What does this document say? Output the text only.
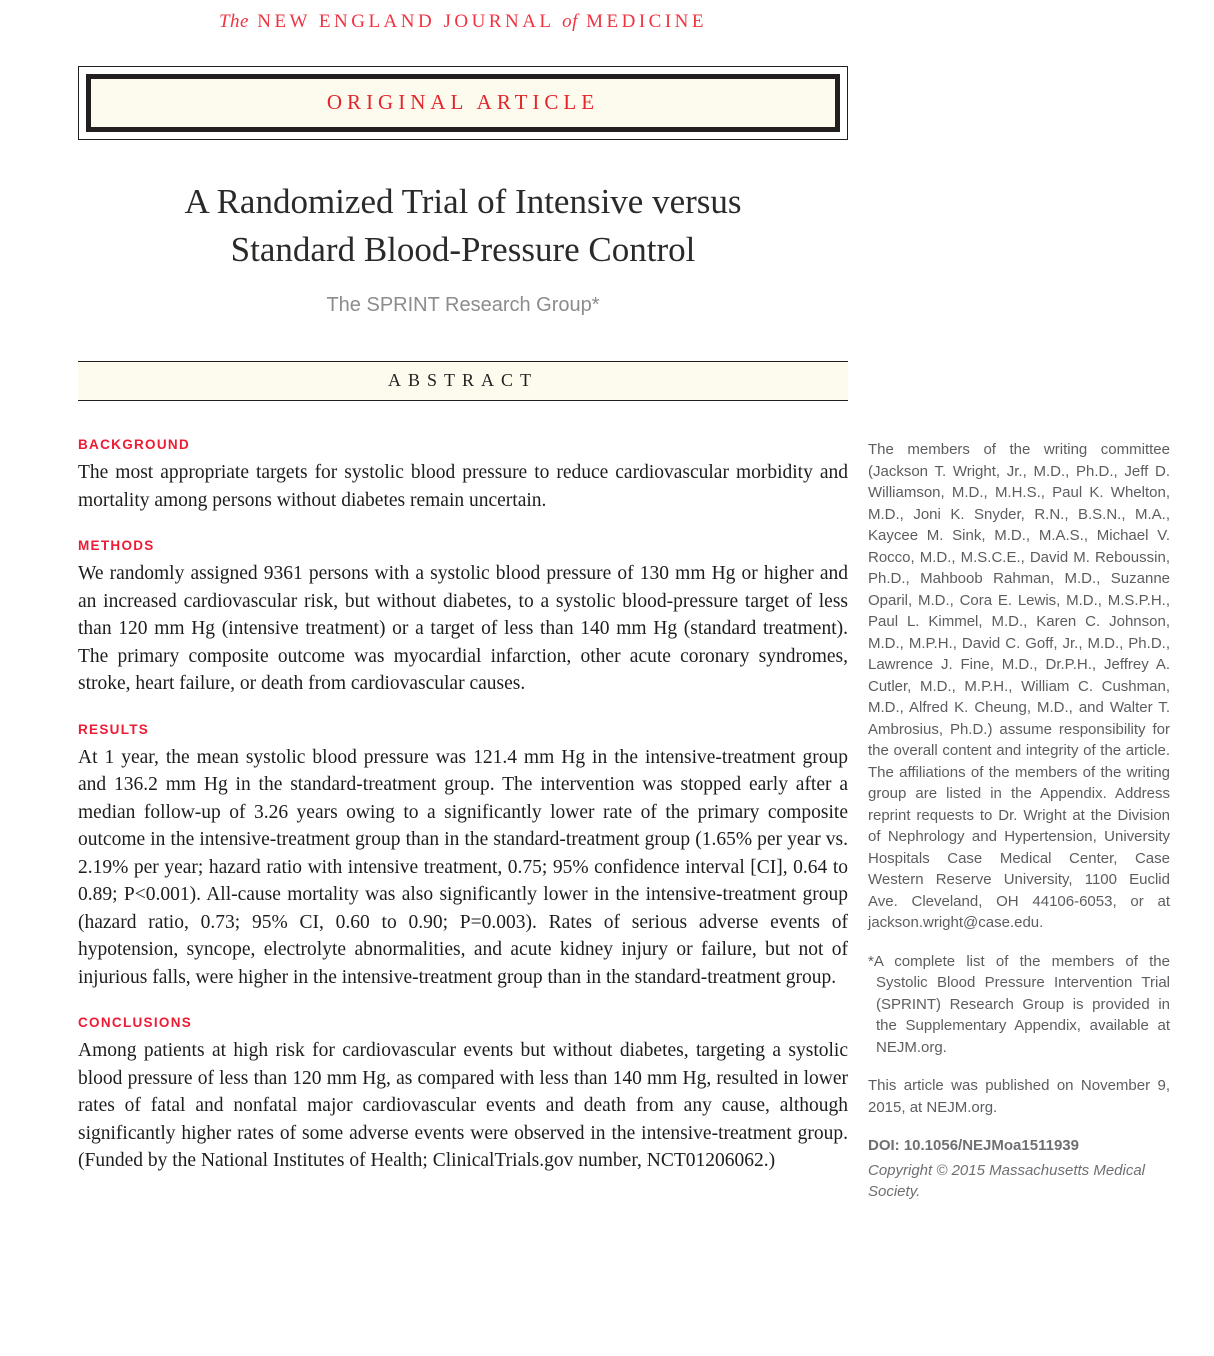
The NEW ENGLAND JOURNAL of MEDICINE
ORIGINAL ARTICLE
A Randomized Trial of Intensive versus
Standard Blood-Pressure Control
The SPRINT Research Group*
ABSTRACT
BACKGROUND

The most appropriate targets for systolic blood pressure to reduce cardiovascular morbidity and mortality among persons without diabetes remain uncertain.

METHODS

We randomly assigned 9361 persons with a systolic blood pressure of 130 mm Hg or higher and an increased cardiovascular risk, but without diabetes, to a systolic blood-pressure target of less than 120 mm Hg (intensive treatment) or a target of less than 140 mm Hg (standard treatment). The primary composite outcome was myocardial infarction, other acute coronary syndromes, stroke, heart failure, or death from cardiovascular causes.

RESULTS

At 1 year, the mean systolic blood pressure was 121.4 mm Hg in the intensive-treatment group and 136.2 mm Hg in the standard-treatment group. The intervention was stopped early after a median follow-up of 3.26 years owing to a significantly lower rate of the primary composite outcome in the intensive-treatment group than in the standard-treatment group (1.65% per year vs. 2.19% per year; hazard ratio with intensive treatment, 0.75; 95% confidence interval [CI], 0.64 to 0.89; P<0.001). All-cause mortality was also significantly lower in the intensive-treatment group (hazard ratio, 0.73; 95% CI, 0.60 to 0.90; P=0.003). Rates of serious adverse events of hypotension, syncope, electrolyte abnormalities, and acute kidney injury or failure, but not of injurious falls, were higher in the intensive-treatment group than in the standard-treatment group.

CONCLUSIONS

Among patients at high risk for cardiovascular events but without diabetes, targeting a systolic blood pressure of less than 120 mm Hg, as compared with less than 140 mm Hg, resulted in lower rates of fatal and nonfatal major cardiovascular events and death from any cause, although significantly higher rates of some adverse events were observed in the intensive-treatment group. (Funded by the National Institutes of Health; ClinicalTrials.gov number, NCT01206062.)

The members of the writing committee (Jackson T. Wright, Jr., M.D., Ph.D., Jeff D. Williamson, M.D., M.H.S., Paul K. Whelton, M.D., Joni K. Snyder, R.N., B.S.N., M.A., Kaycee M. Sink, M.D., M.A.S., Michael V. Rocco, M.D., M.S.C.E., David M. Reboussin, Ph.D., Mahboob Rahman, M.D., Suzanne Oparil, M.D., Cora E. Lewis, M.D., M.S.P.H., Paul L. Kimmel, M.D., Karen C. Johnson, M.D., M.P.H., David C. Goff, Jr., M.D., Ph.D., Lawrence J. Fine, M.D., Dr.P.H., Jeffrey A. Cutler, M.D., M.P.H., William C. Cushman, M.D., Alfred K. Cheung, M.D., and Walter T. Ambrosius, Ph.D.) assume responsibility for the overall content and integrity of the article. The affiliations of the members of the writing group are listed in the Appendix. Address reprint requests to Dr. Wright at the Division of Nephrology and Hypertension, University Hospitals Case Medical Center, Case Western Reserve University, 1100 Euclid Ave. Cleveland, OH 44106-6053, or at jackson.wright@case.edu.

*A complete list of the members of the Systolic Blood Pressure Intervention Trial (SPRINT) Research Group is provided in the Supplementary Appendix, available at NEJM.org.

This article was published on November 9, 2015, at NEJM.org.

DOI: 10.1056/NEJMoa1511939

Copyright © 2015 Massachusetts Medical Society.
